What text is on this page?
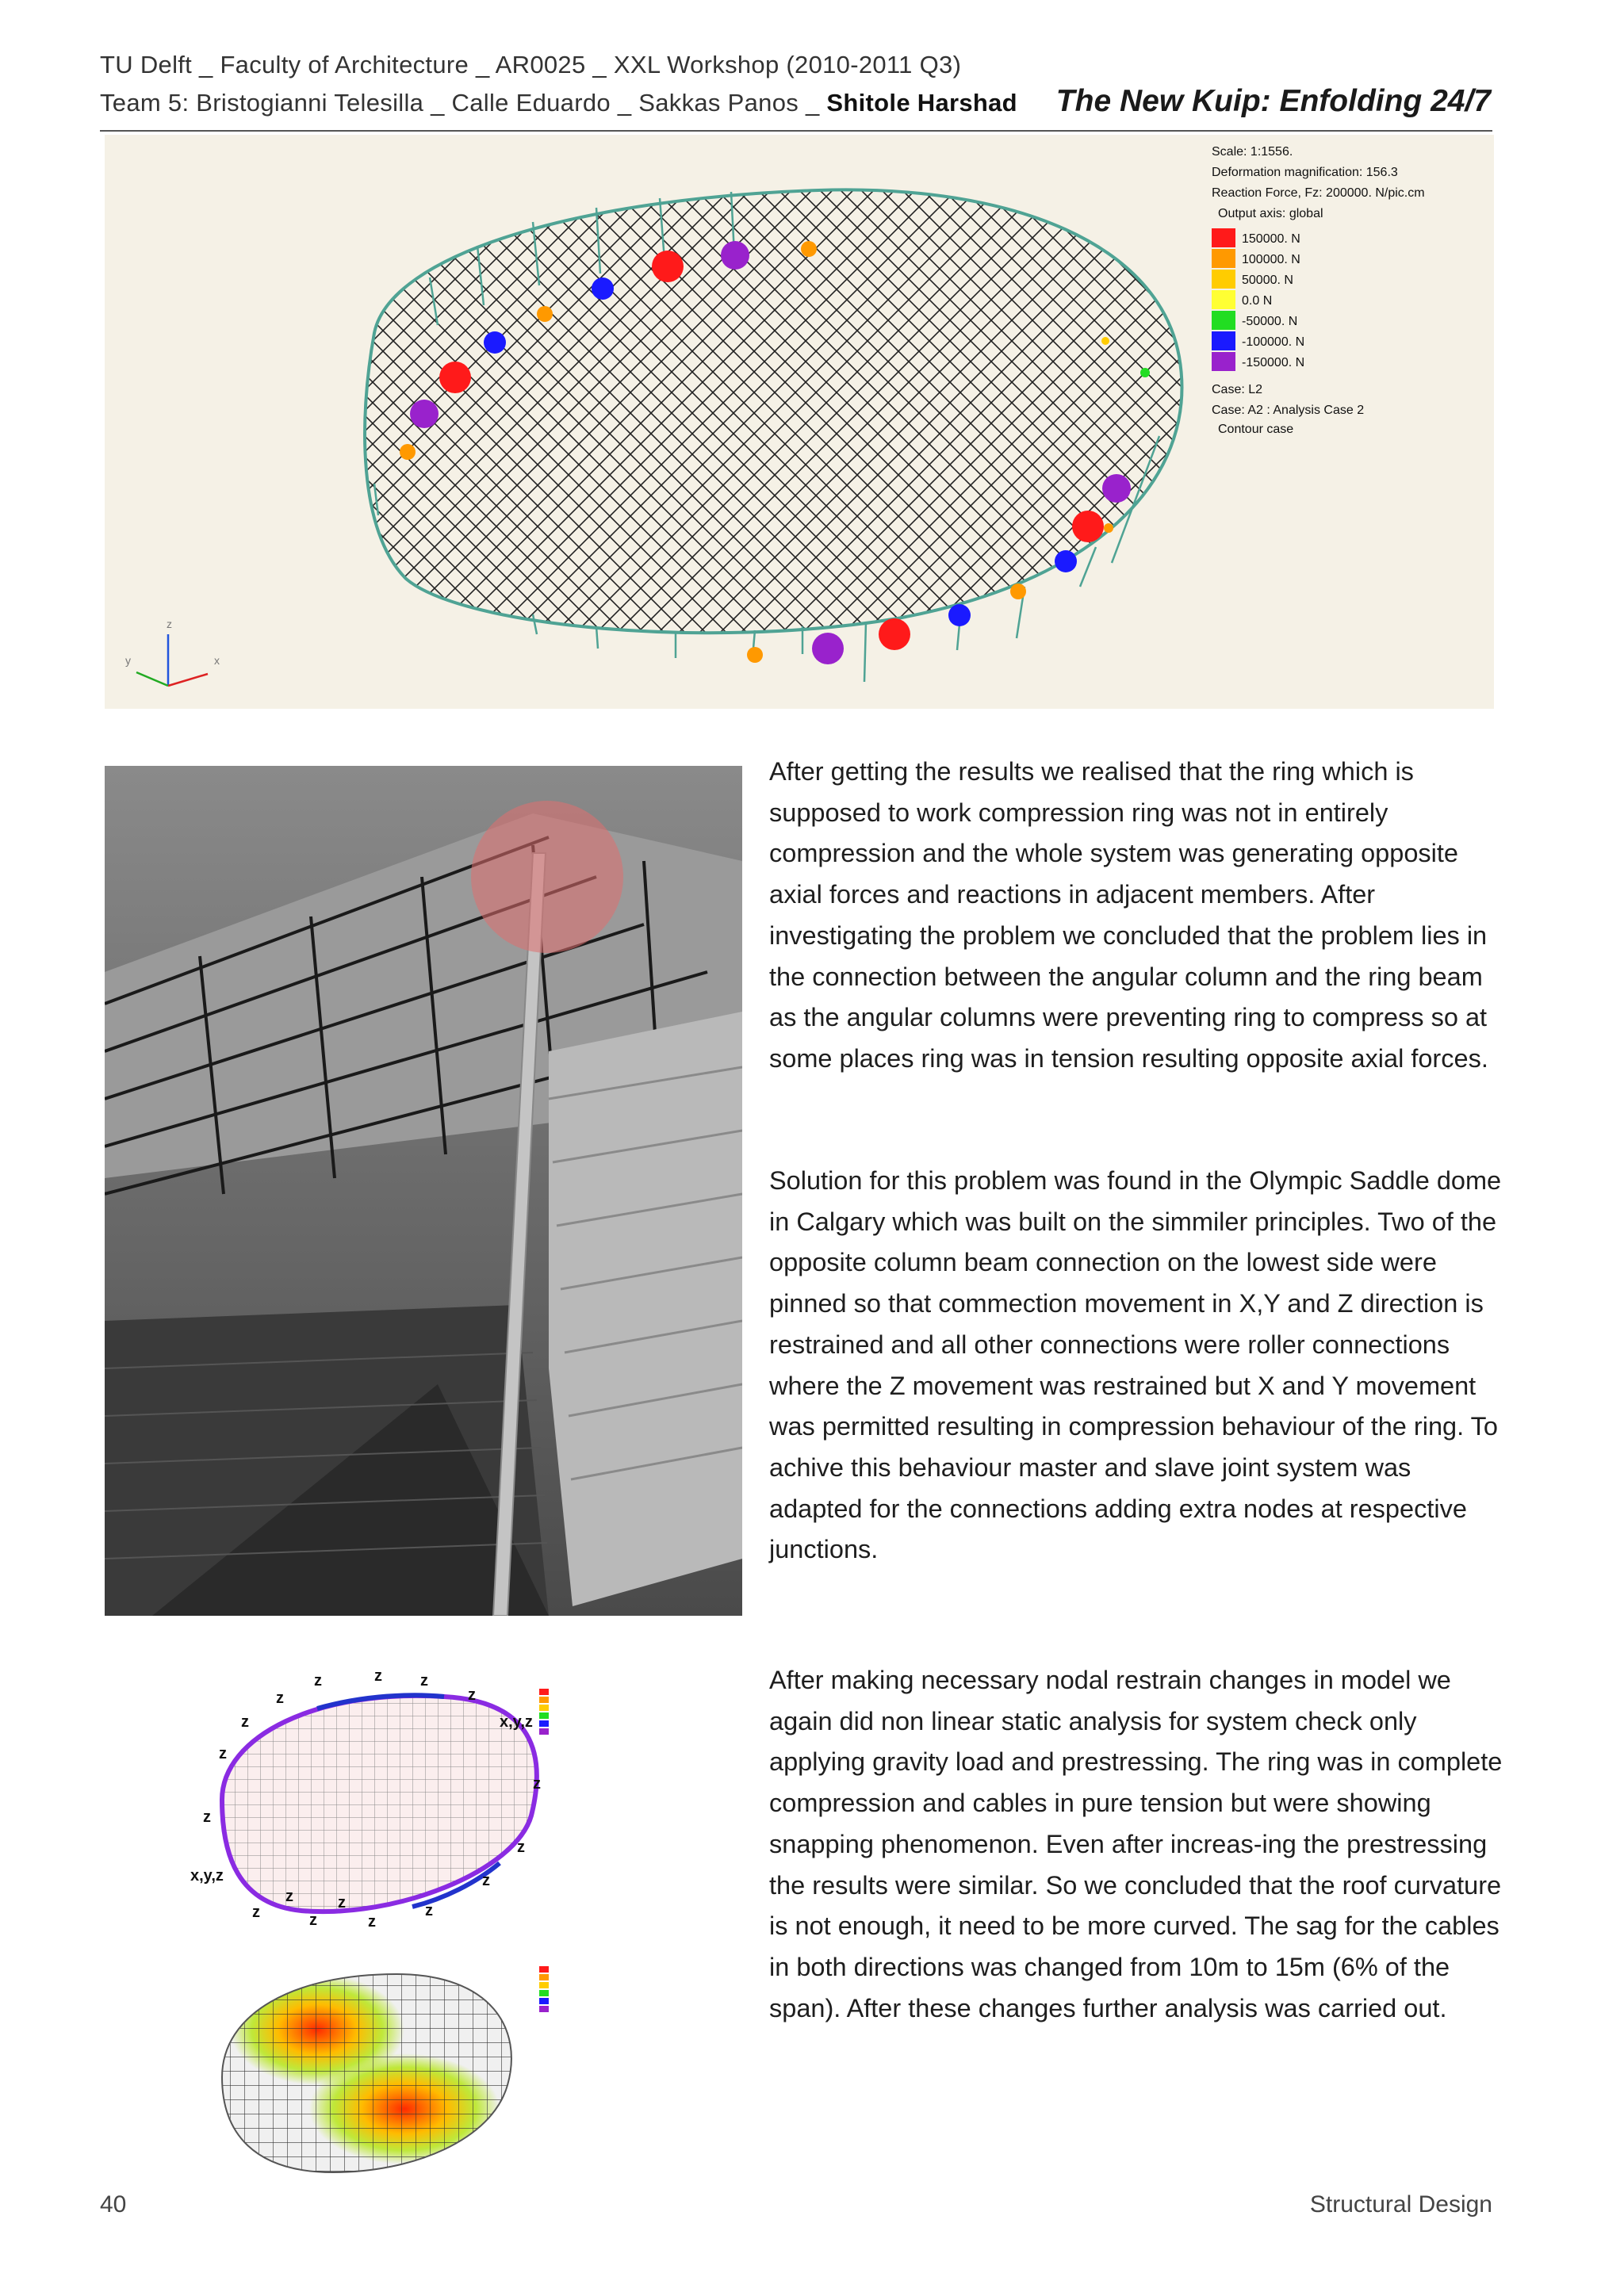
TU Delft _ Faculty of Architecture _ AR0025 _ XXL Workshop (2010-2011 Q3)
Team 5: Bristogianni Telesilla _ Calle Eduardo _ Sakkas Panos _ Shitole Harshad The New Kuip: Enfolding 24/7
z
x
y
Scale: 1:1556.
Deformation magnification: 156.3
Reaction Force, Fz: 200000. N/pic.cm
Output axis: global
150000. N
100000. N
50000. N
0.0 N
-50000. N
-100000. N
-150000. N
Case: L2
Case: A2 : Analysis Case 2
Contour case
z	z z
z	z
x,y,z
z
z
z
z
z
z
z	z
x,y,z
z
z
z	z

After getting the results we realised that the ring which is supposed to work compression ring was not in entirely compression and the whole system was generating opposite axial forces and reactions in adjacent members. After investigating the problem we concluded that the problem lies in the connection between the angular column and the ring beam as the angular columns were preventing ring to compress so at some places ring was in tension resulting opposite axial forces.

Solution for this problem was found in the Olympic Saddle dome in Calgary which was built on the simmiler principles. Two of the opposite column beam connection on the lowest side were pinned so that commection movement in X,Y and Z direction is restrained and all other connections were roller connections where the Z movement was restrained but X and Y movement was permitted resulting in compression behaviour of the ring. To achive this behaviour master and slave joint system was adapted for the connections adding extra nodes at respective junctions.

After making necessary nodal restrain changes in model we again did non linear static analysis for system check only applying gravity load and prestressing. The ring was in complete compression and cables in pure tension but were showing snapping phenomenon. Even after increas-ing the prestressing the results were similar. So we concluded that the roof curvature is not enough, it need to be more curved. The sag for the cables in both directions was changed from 10m to 15m (6% of the span). After these changes further analysis was carried out.

40	Structural Design
